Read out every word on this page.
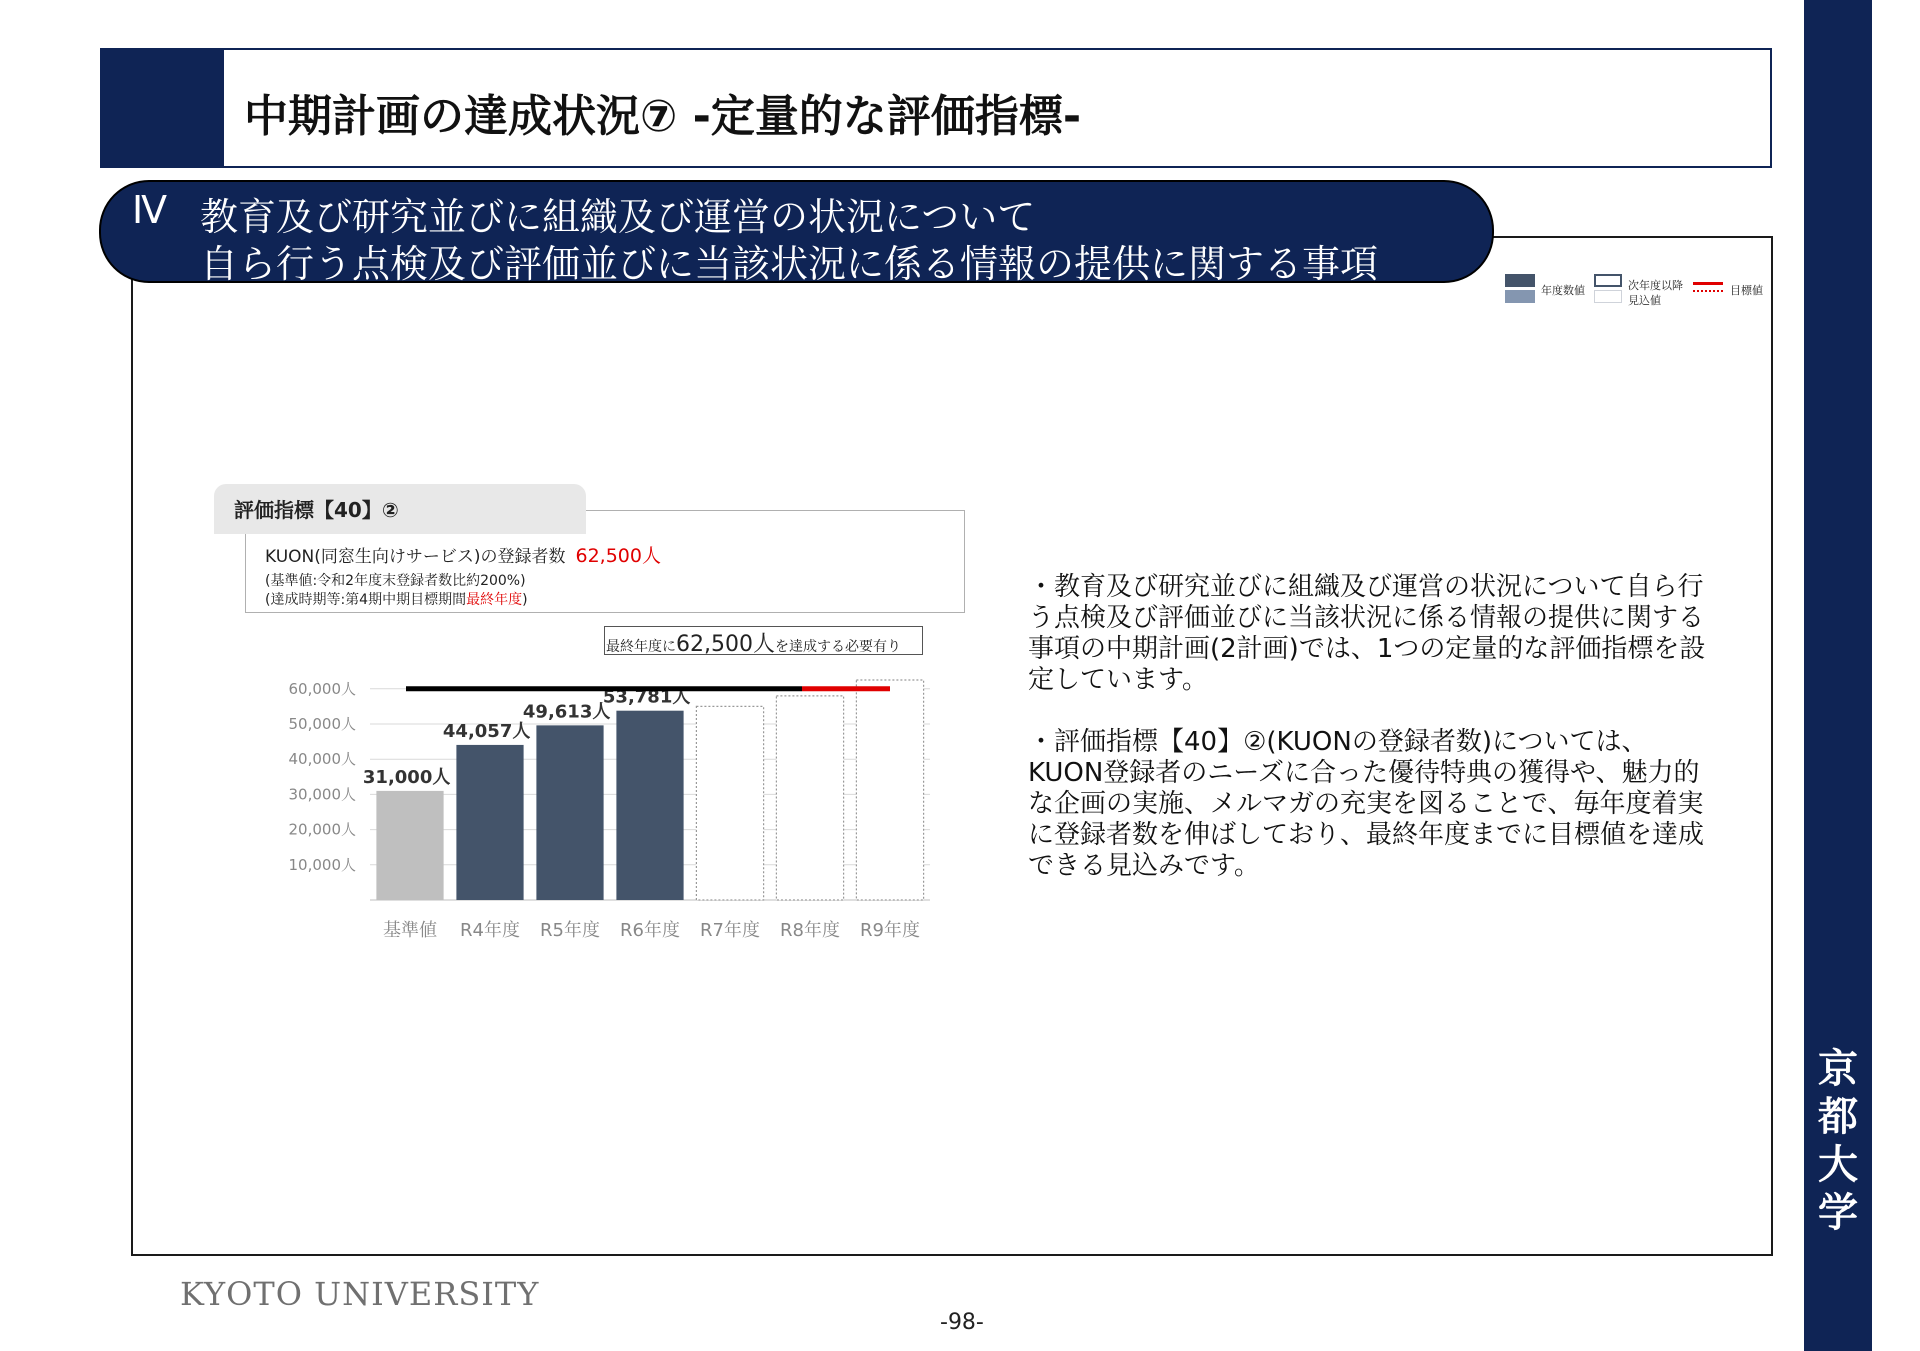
京
都
大
学
中期計画の達成状況⑦ -定量的な評価指標-
Ⅳ 教育及び研究並びに組織及び運営の状況について
自ら行う点検及び評価並びに当該状況に係る情報の提供に関する事項
年度数値	次年度以降
見込値
目標値
評価指標【40】②
KUON(同窓生向けサービス)の登録者数 62,500人
(基準値:令和2年度末登録者数比約200%)
(達成時期等:第4期中期目標期間最終年度)
10,000人
20,000人
30,000人
40,000人
50,000人
60,000人
基準値
31,000人
R4年度
44,057人
R5年度
49,613人
R6年度
53,781人
R7年度 R8年度 R9年度
最終年度に62,500人を達成する必要有り

・教育及び研究並びに組織及び運営の状況について自ら行う点検及び評価並びに当該状況に係る情報の提供に関する事項の中期計画(2計画)では、1つの定量的な評価指標を設定しています。

・評価指標【40】②(KUONの登録者数)については、KUON登録者のニーズに合った優待特典の獲得や、魅力的な企画の実施、メルマガの充実を図ることで、毎年度着実に登録者数を伸ばしており、最終年度までに目標値を達成できる見込みです。

KYOTO UNIVERSITY
-98-
